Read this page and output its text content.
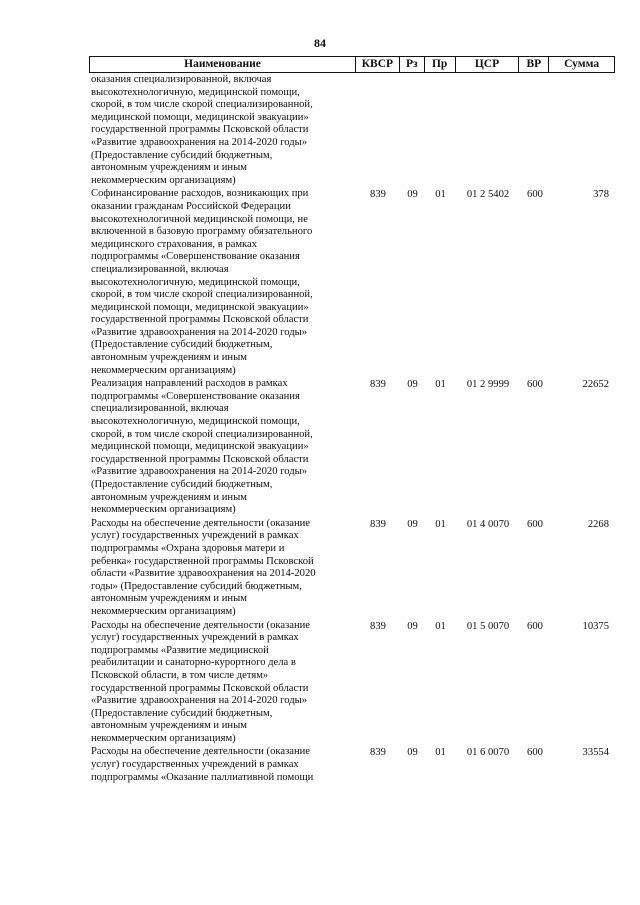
84
Наименование	КВСР	Рз	Пр	ЦСР	ВР	Сумма
оказания специализированной, включая
высокотехнологичную, медицинской помощи,
скорой, в том числе скорой специализированной,
медицинской помощи, медицинской эвакуации»
государственной программы Псковской области
«Развитие здравоохранения на 2014-2020 годы»
(Предоставление субсидий бюджетным,
автономным учреждениям и иным
некоммерческим организациям)
Софинансирование расходов, возникающих при
оказании гражданам Российской Федерации
высокотехнологичной медицинской помощи, не
включенной в базовую программу обязательного
медицинского страхования, в рамках
подпрограммы «Совершенствование оказания
специализированной, включая
высокотехнологичную, медицинской помощи,
скорой, в том числе скорой специализированной,
медицинской помощи, медицинской эвакуации»
государственной программы Псковской области
«Развитие здравоохранения на 2014-2020 годы»
(Предоставление субсидий бюджетным,
автономным учреждениям и иным
некоммерческим организациям)
839	09	01	01 2 5402	600	378
Реализация направлений расходов в рамках
подпрограммы «Совершенствование оказания
специализированной, включая
высокотехнологичную, медицинской помощи,
скорой, в том числе скорой специализированной,
медицинской помощи, медицинской эвакуации»
государственной программы Псковской области
«Развитие здравоохранения на 2014-2020 годы»
(Предоставление субсидий бюджетным,
автономным учреждениям и иным
некоммерческим организациям)
839	09	01	01 2 9999	600	22652
Расходы на обеспечение деятельности (оказание
услуг) государственных учреждений в рамках
подпрограммы «Охрана здоровья матери и
ребенка» государственной программы Псковской
области «Развитие здравоохранения на 2014-2020
годы» (Предоставление субсидий бюджетным,
автономным учреждениям и иным
некоммерческим организациям)
839	09	01	01 4 0070	600	2268
Расходы на обеспечение деятельности (оказание
услуг) государственных учреждений в рамках
подпрограммы «Развитие медицинской
реабилитации и санаторно-курортного дела в
Псковской области, в том числе детям»
государственной программы Псковской области
«Развитие здравоохранения на 2014-2020 годы»
(Предоставление субсидий бюджетным,
автономным учреждениям и иным
некоммерческим организациям)
839	09	01	01 5 0070	600	10375
Расходы на обеспечение деятельности (оказание
услуг) государственных учреждений в рамках
подпрограммы «Оказание паллиативной помощи
839	09	01	01 6 0070	600	33554
